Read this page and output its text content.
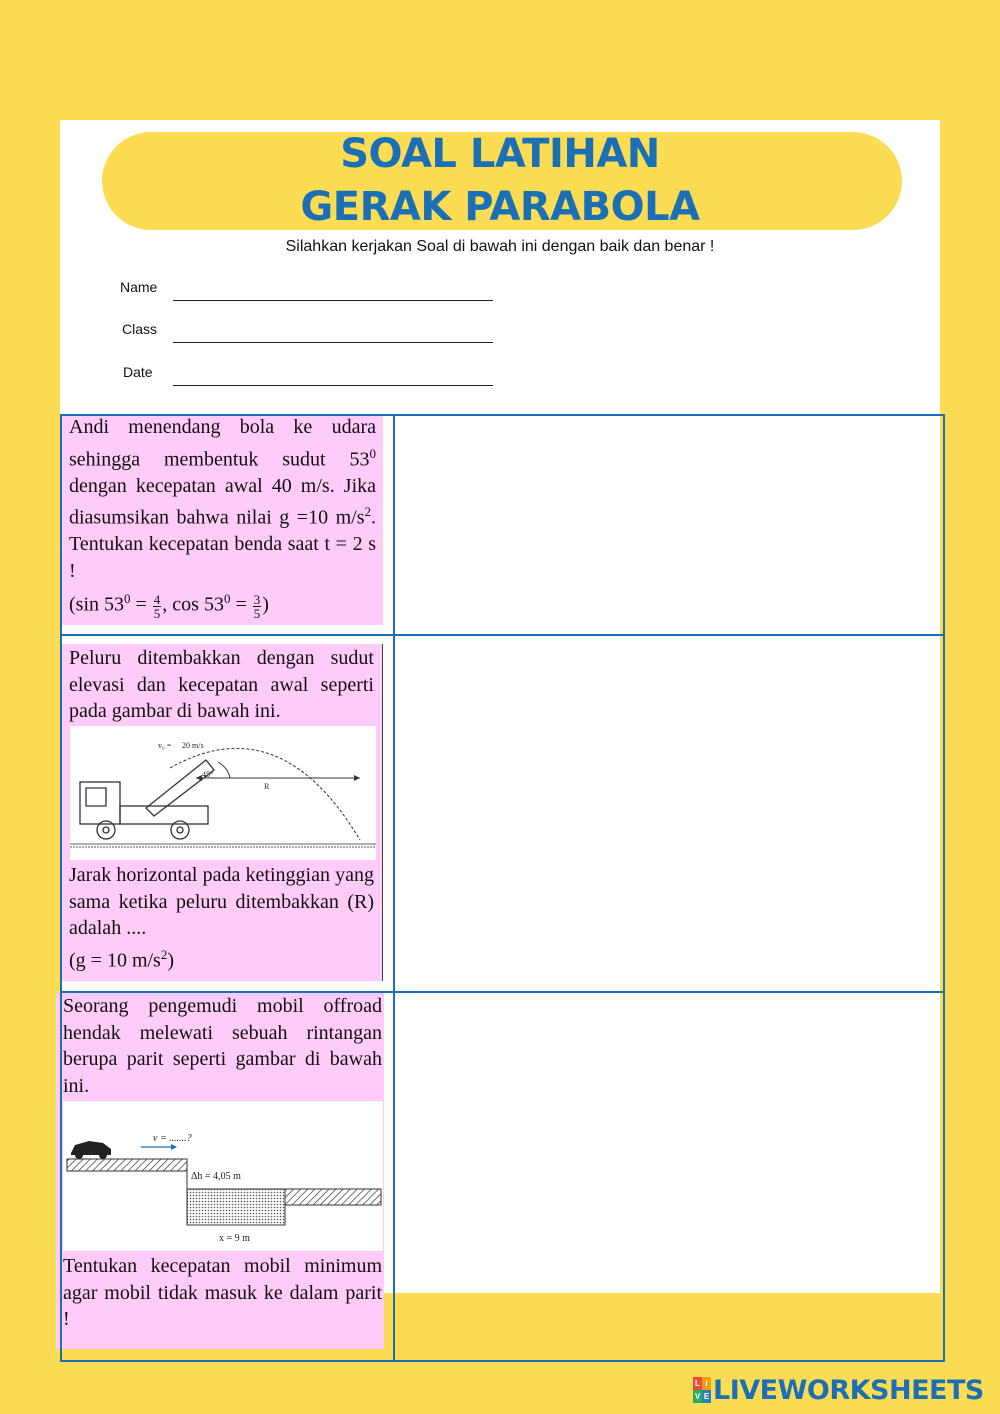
SOAL LATIHAN
GERAK PARABOLA
Silahkan kerjakan Soal di bawah ini dengan baik dan benar !
Name
Class
Date

Andi menendang bola ke udara sehingga membentuk sudut $53^0$ dengan kecepatan awal 40 m/s. Jika diasumsikan bahwa nilai g =10 $m/s^2$. Tentukan kecepatan benda saat t = 2 s !

(sin $53^0 = \frac{4}{5}$ , $\cos 53^0 = \frac{3}{5}$ )

Peluru ditembakkan dengan sudut elevasi dan kecepatan awal seperti pada gambar di bawah ini.
v₀ = 20 m/s
45°
R

Jarak horizontal pada ketinggian yang sama ketika peluru ditembakkan (R) adalah ....

(g = 10 $m/s^2$)

Seorang pengemudi mobil offroad hendak melewati sebuah rintangan berupa parit seperti gambar di bawah ini.
v = .......?
Δh = 4,05 m
x = 9 m
Tentukan kecepatan mobil minimum agar mobil tidak masuk ke dalam parit !
L I
V E LIVEWORKSHEETS
